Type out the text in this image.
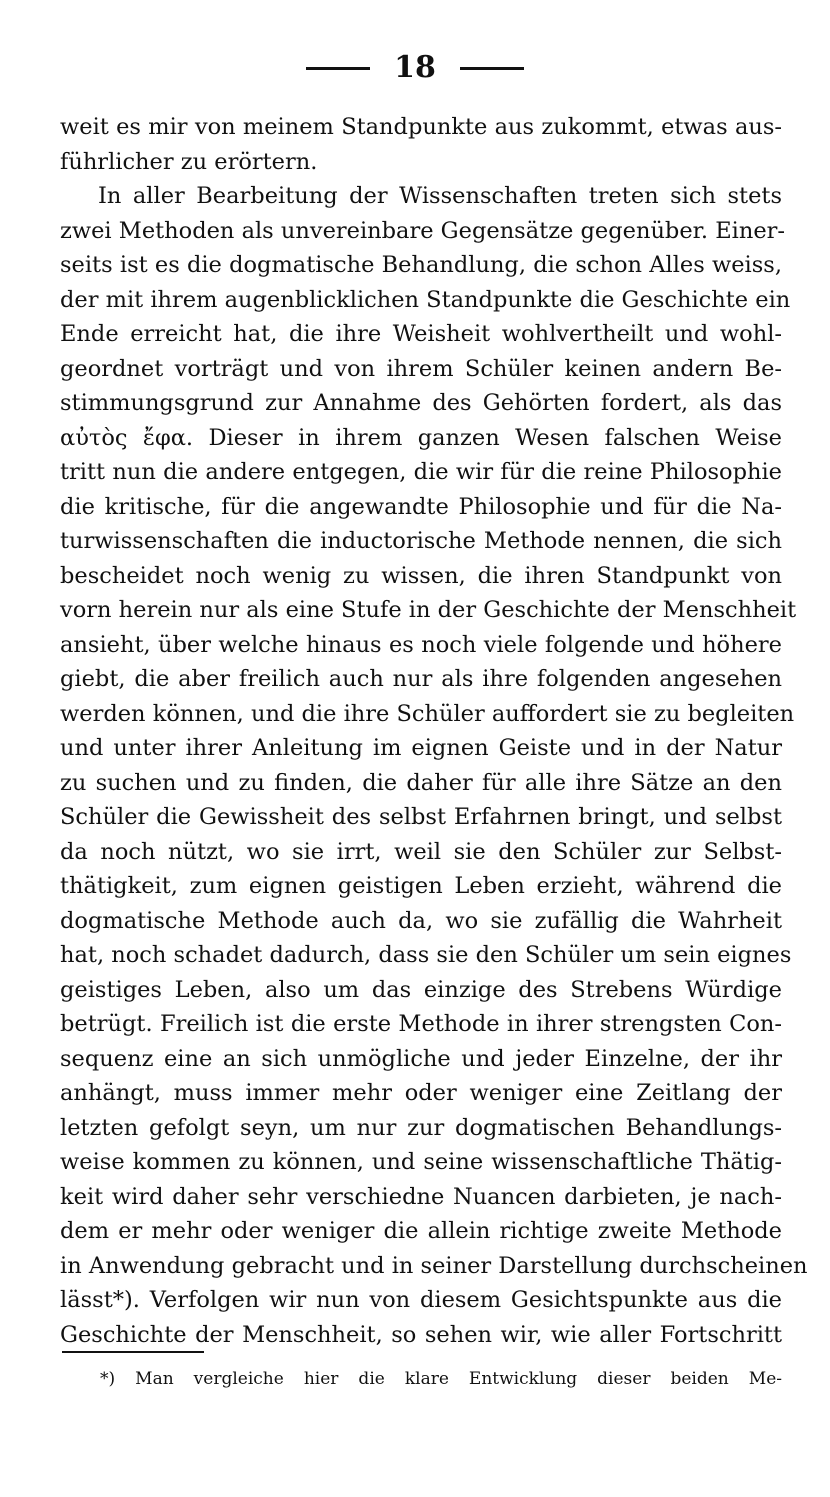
18
weit es mir von meinem Standpunkte aus zukommt, etwas aus-
führlicher zu erörtern.
In aller Bearbeitung der Wissenschaften treten sich stets
zwei Methoden als unvereinbare Gegensätze gegenüber. Einer-
seits ist es die dogmatische Behandlung, die schon Alles weiss,
der mit ihrem augenblicklichen Standpunkte die Geschichte ein
Ende erreicht hat, die ihre Weisheit wohlvertheilt und wohl-
geordnet vorträgt und von ihrem Schüler keinen andern Be-
stimmungsgrund zur Annahme des Gehörten fordert, als das
αὐτὸς ἔφα. Dieser in ihrem ganzen Wesen falschen Weise
tritt nun die andere entgegen, die wir für die reine Philosophie
die kritische, für die angewandte Philosophie und für die Na-
turwissenschaften die inductorische Methode nennen, die sich
bescheidet noch wenig zu wissen, die ihren Standpunkt von
vorn herein nur als eine Stufe in der Geschichte der Menschheit
ansieht, über welche hinaus es noch viele folgende und höhere
giebt, die aber freilich auch nur als ihre folgenden angesehen
werden können, und die ihre Schüler auffordert sie zu begleiten
und unter ihrer Anleitung im eignen Geiste und in der Natur
zu suchen und zu finden, die daher für alle ihre Sätze an den
Schüler die Gewissheit des selbst Erfahrnen bringt, und selbst
da noch nützt, wo sie irrt, weil sie den Schüler zur Selbst-
thätigkeit, zum eignen geistigen Leben erzieht, während die
dogmatische Methode auch da, wo sie zufällig die Wahrheit
hat, noch schadet dadurch, dass sie den Schüler um sein eignes
geistiges Leben, also um das einzige des Strebens Würdige
betrügt. Freilich ist die erste Methode in ihrer strengsten Con-
sequenz eine an sich unmögliche und jeder Einzelne, der ihr
anhängt, muss immer mehr oder weniger eine Zeitlang der
letzten gefolgt seyn, um nur zur dogmatischen Behandlungs-
weise kommen zu können, und seine wissenschaftliche Thätig-
keit wird daher sehr verschiedne Nuancen darbieten, je nach-
dem er mehr oder weniger die allein richtige zweite Methode
in Anwendung gebracht und in seiner Darstellung durchscheinen
lässt*). Verfolgen wir nun von diesem Gesichtspunkte aus die
Geschichte der Menschheit, so sehen wir, wie aller Fortschritt
*) Man vergleiche hier die klare Entwicklung dieser beiden Me-
